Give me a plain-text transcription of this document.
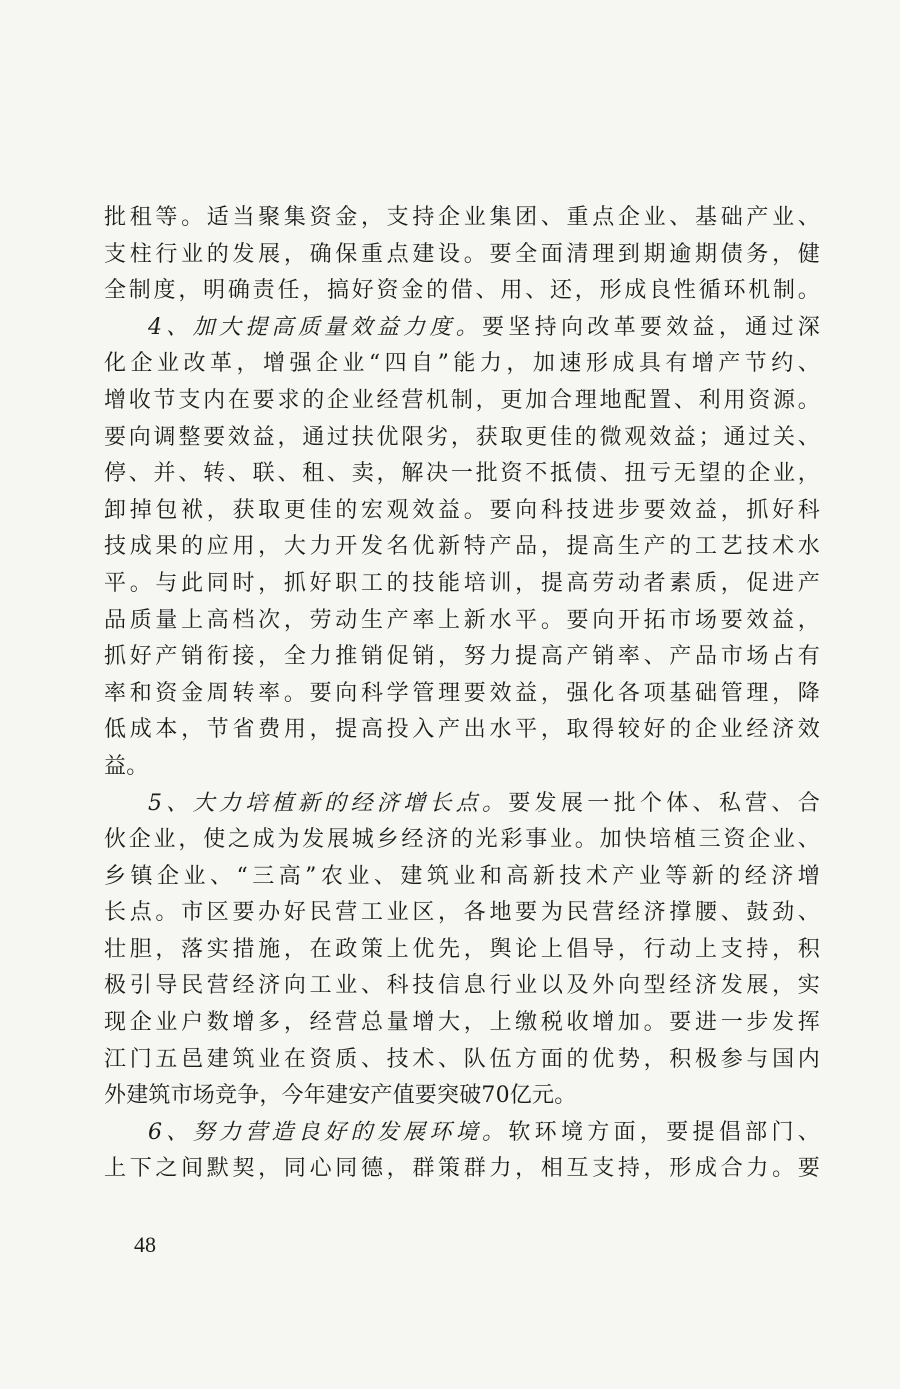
批租等。适当聚集资金，支持企业集团、重点企业、基础产业、
支柱行业的发展，确保重点建设。要全面清理到期逾期债务，健
全制度，明确责任，搞好资金的借、用、还，形成良性循环机制。
4、加大提高质量效益力度。要坚持向改革要效益，通过深
化企业改革，增强企业“四自”能力，加速形成具有增产节约、
增收节支内在要求的企业经营机制，更加合理地配置、利用资源。
要向调整要效益，通过扶优限劣，获取更佳的微观效益；通过关、
停、并、转、联、租、卖，解决一批资不抵债、扭亏无望的企业，
卸掉包袱，获取更佳的宏观效益。要向科技进步要效益，抓好科
技成果的应用，大力开发名优新特产品，提高生产的工艺技术水
平。与此同时，抓好职工的技能培训，提高劳动者素质，促进产
品质量上高档次，劳动生产率上新水平。要向开拓市场要效益，
抓好产销衔接，全力推销促销，努力提高产销率、产品市场占有
率和资金周转率。要向科学管理要效益，强化各项基础管理，降
低成本，节省费用，提高投入产出水平，取得较好的企业经济效
益。
5、大力培植新的经济增长点。要发展一批个体、私营、合
伙企业，使之成为发展城乡经济的光彩事业。加快培植三资企业、
乡镇企业、“三高”农业、建筑业和高新技术产业等新的经济增
长点。市区要办好民营工业区，各地要为民营经济撑腰、鼓劲、
壮胆，落实措施，在政策上优先，舆论上倡导，行动上支持，积
极引导民营经济向工业、科技信息行业以及外向型经济发展，实
现企业户数增多，经营总量增大，上缴税收增加。要进一步发挥
江门五邑建筑业在资质、技术、队伍方面的优势，积极参与国内
外建筑市场竞争，今年建安产值要突破70亿元。
6、努力营造良好的发展环境。软环境方面，要提倡部门、
上下之间默契，同心同德，群策群力，相互支持，形成合力。要
48
